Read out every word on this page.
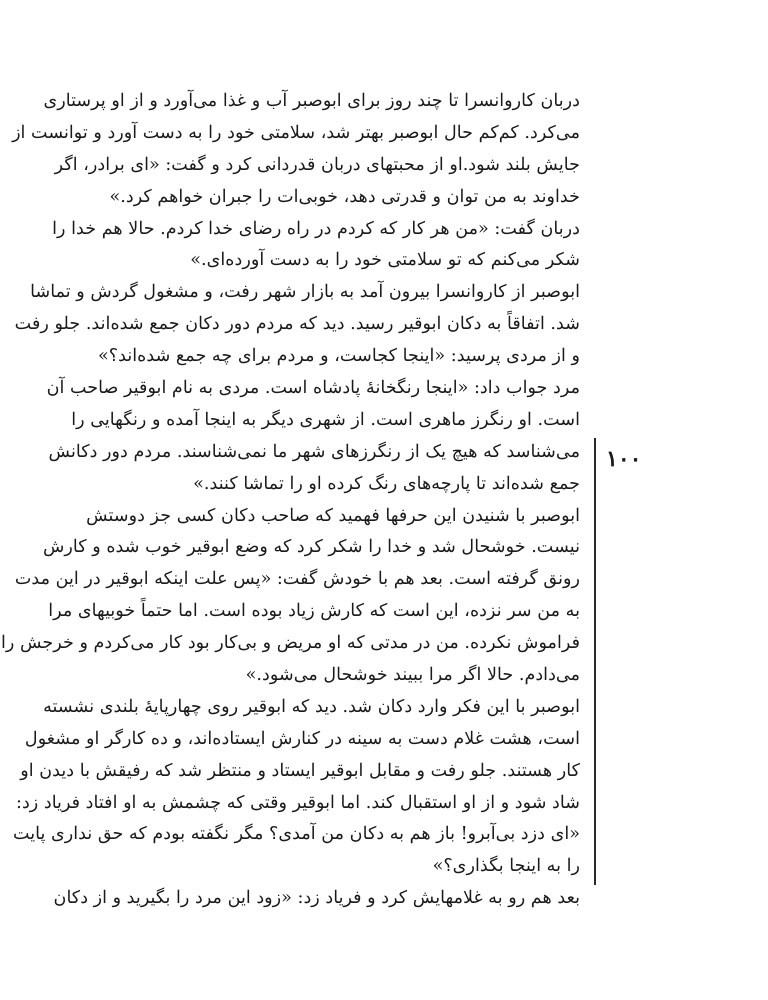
دربان کاروانسرا تا چند روز برای ابوصبر آب و غذا می‌آورد و از او پرستاری
می‌کرد. کم‌کم حال ابوصبر بهتر شد، سلامتی خود را به دست آورد و توانست از
جایش بلند شود.او از محبتهای دربان قدردانی کرد و گفت: «ای برادر، اگر
خداوند به من توان و قدرتی دهد، خوبی‌ات را جبران خواهم کرد.»
دربان گفت: «من هر کار که کردم در راه رضای خدا کردم. حالا هم خدا را
شکر می‌کنم که تو سلامتی خود را به دست آورده‌ای.»
ابوصبر از کاروانسرا بیرون آمد به بازار شهر رفت، و مشغول گردش و تماشا
شد. اتفاقاً به دکان ابوقیر رسید. دید که مردم دور دکان جمع شده‌اند. جلو رفت
و از مردی پرسید: «اینجا کجاست، و مردم برای چه جمع شده‌اند؟»
مرد جواب داد: «اینجا رنگخانهٔ پادشاه است. مردی به نام ابوقیر صاحب آن
است. او رنگرز ماهری است. از شهری دیگر به اینجا آمده و رنگهایی را
می‌شناسد که هیچ یک از رنگرزهای شهر ما نمی‌شناسند. مردم دور دکانش
جمع شده‌اند تا پارچه‌های رنگ کرده او را تماشا کنند.»
ابوصبر با شنیدن این حرفها فهمید که صاحب دکان کسی جز دوستش
نیست. خوشحال شد و خدا را شکر کرد که وضع ابوقیر خوب شده و کارش
رونق گرفته است. بعد هم با خودش گفت: «پس علت اینکه ابوقیر در این مدت
به من سر نزده، این است که کارش زیاد بوده است. اما حتماً خوبیهای مرا
فراموش نکرده. من در مدتی که او مریض و بی‌کار بود کار می‌کردم و خرجش را
می‌دادم. حالا اگر مرا ببیند خوشحال می‌شود.»
ابوصبر با این فکر وارد دکان شد. دید که ابوقیر روی چهارپایهٔ بلندی نشسته
است، هشت غلام دست به سینه در کنارش ایستاده‌اند، و ده کارگر او مشغول
کار هستند. جلو رفت و مقابل ابوقیر ایستاد و منتظر شد که رفیقش با دیدن او
شاد شود و از او استقبال کند. اما ابوقیر وقتی که چشمش به او افتاد فریاد زد:
«ای دزد بی‌آبرو! باز هم به دکان من آمدی؟ مگر نگفته بودم که حق نداری پایت
را به اینجا بگذاری؟»
بعد هم رو به غلامهایش کرد و فریاد زد: «زود این مرد را بگیرید و از دکان
۱۰۰
